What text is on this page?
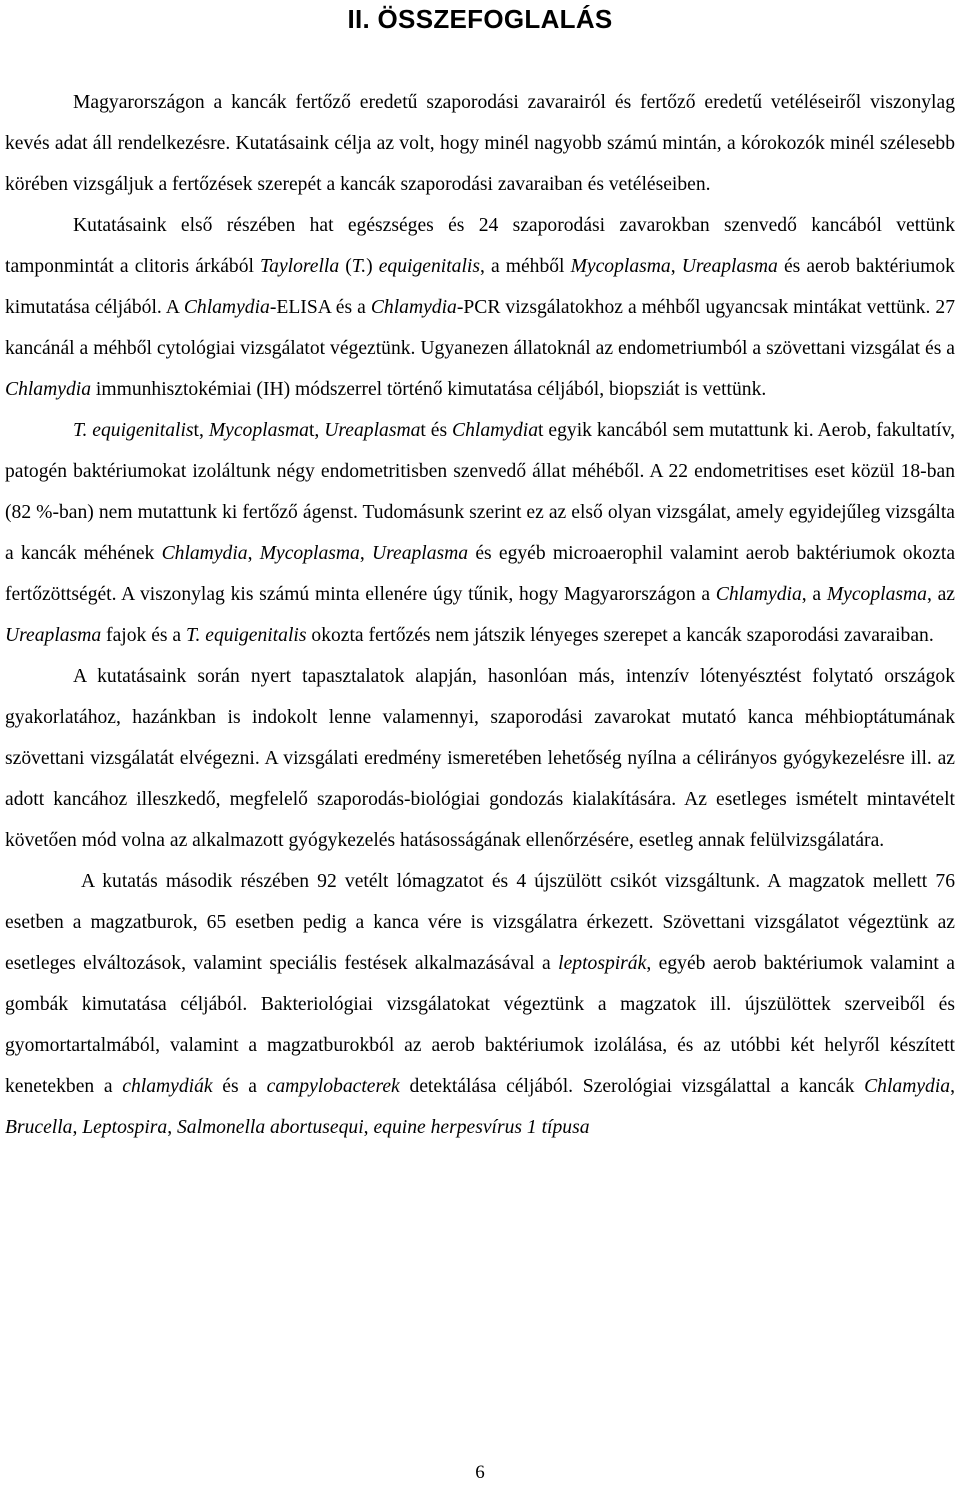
II. ÖSSZEFOGLALÁS

Magyarországon a kancák fertőző eredetű szaporodási zavarairól és fertőző eredetű vetéléseiről viszonylag kevés adat áll rendelkezésre. Kutatásaink célja az volt, hogy minél nagyobb számú mintán, a kórokozók minél szélesebb körében vizsgáljuk a fertőzések szerepét a kancák szaporodási zavaraiban és vetéléseiben.

Kutatásaink első részében hat egészséges és 24 szaporodási zavarokban szenvedő kancából vettünk tamponmintát a clitoris árkából Taylorella (T.) equigenitalis, a méhből Mycoplasma, Ureaplasma és aerob baktériumok kimutatása céljából. A Chlamydia-ELISA és a Chlamydia-PCR vizsgálatokhoz a méhből ugyancsak mintákat vettünk. 27 kancánál a méhből cytológiai vizsgálatot végeztünk. Ugyanezen állatoknál az endometriumból a szövettani vizsgálat és a Chlamydia immunhisztokémiai (IH) módszerrel történő kimutatása céljából, biopsziát is vettünk.

T. equigenitalist, Mycoplasmat, Ureaplasmat és Chlamydiat egyik kancából sem mutattunk ki. Aerob, fakultatív, patogén baktériumokat izoláltunk négy endometritisben szenvedő állat méhéből. A 22 endometritises eset közül 18-ban (82 %-ban) nem mutattunk ki fertőző ágenst. Tudomásunk szerint ez az első olyan vizsgálat, amely egyidejűleg vizsgálta a kancák méhének Chlamydia, Mycoplasma, Ureaplasma és egyéb microaerophil valamint aerob baktériumok okozta fertőzöttségét. A viszonylag kis számú minta ellenére úgy tűnik, hogy Magyarországon a Chlamydia, a Mycoplasma, az Ureaplasma fajok és a T. equigenitalis okozta fertőzés nem játszik lényeges szerepet a kancák szaporodási zavaraiban.

A kutatásaink során nyert tapasztalatok alapján, hasonlóan más, intenzív lótenyésztést folytató országok gyakorlatához, hazánkban is indokolt lenne valamennyi, szaporodási zavarokat mutató kanca méhbioptátumának szövettani vizsgálatát elvégezni. A vizsgálati eredmény ismeretében lehetőség nyílna a célirányos gyógykezelésre ill. az adott kancához illeszkedő, megfelelő szaporodás-biológiai gondozás kialakítására. Az esetleges ismételt mintavételt követően mód volna az alkalmazott gyógykezelés hatásosságának ellenőrzésére, esetleg annak felülvizsgálatára.

A kutatás második részében 92 vetélt lómagzatot és 4 újszülött csikót vizsgáltunk. A magzatok mellett 76 esetben a magzatburok, 65 esetben pedig a kanca vére is vizsgálatra érkezett. Szövettani vizsgálatot végeztünk az esetleges elváltozások, valamint speciális festések alkalmazásával a leptospirák, egyéb aerob baktériumok valamint a gombák kimutatása céljából. Bakteriológiai vizsgálatokat végeztünk a magzatok ill. újszülöttek szerveiből és gyomortartalmából, valamint a magzatburokból az aerob baktériumok izolálása, és az utóbbi két helyről készített kenetekben a chlamydiák és a campylobacterek detektálása céljából. Szerológiai vizsgálattal a kancák Chlamydia, Brucella, Leptospira, Salmonella abortusequi, equine herpesvírus 1 típusa

6
